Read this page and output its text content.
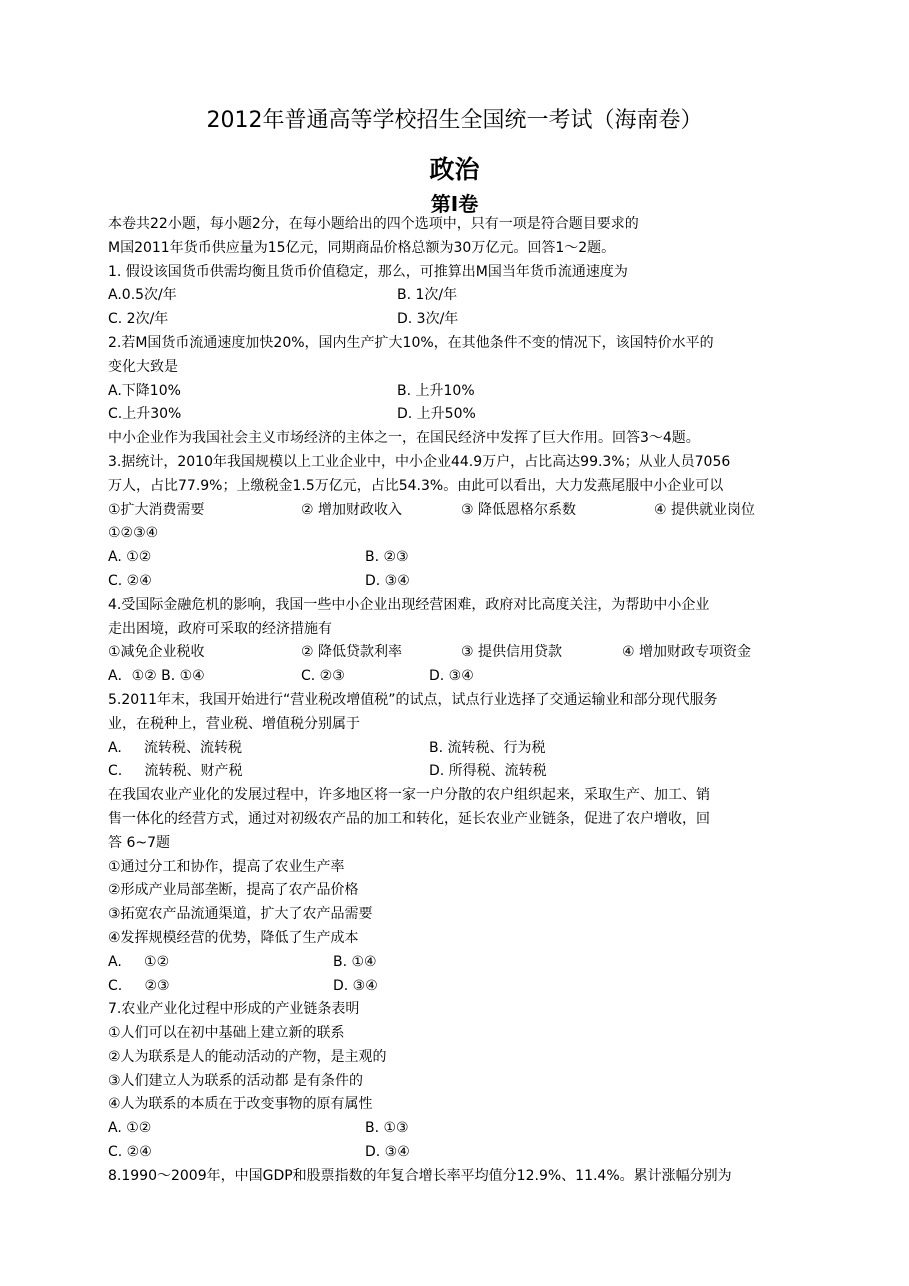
2012年普通高等学校招生全国统一考试（海南卷）
政治
第I卷
本卷共22小题，每小题2分，在每小题给出的四个选项中，只有一项是符合题目要求的
M国2011年货币供应量为15亿元，同期商品价格总额为30万亿元。回答1～2题。
1. 假设该国货币供需均衡且货币价值稳定，那么，可推算出M国当年货币流通速度为
A.0.5次/年	B. 1次/年
C. 2次/年	D. 3次/年
2.若M国货币流通速度加快20%，国内生产扩大10%，在其他条件不变的情况下，该国特价水平的
变化大致是
A.下降10%	B. 上升10%
C.上升30%	D. 上升50%
中小企业作为我国社会主义市场经济的主体之一，在国民经济中发挥了巨大作用。回答3～4题。
3.据统计，2010年我国规模以上工业企业中，中小企业44.9万户，占比高达99.3%；从业人员7056
万人，占比77.9%；上缴税金1.5万亿元，占比54.3%。由此可以看出，大力发燕尾服中小企业可以
①扩大消费需要	② 增加财政收入	③ 降低恩格尔系数	④ 提供就业岗位
①②③④
A. ①②	B. ②③
C. ②④	D. ③④
4.受国际金融危机的影响，我国一些中小企业出现经营困难，政府对比高度关注，为帮助中小企业
走出困境，政府可采取的经济措施有
①减免企业税收	② 降低贷款利率	③ 提供信用贷款	④ 增加财政专项资金
A．①② B. ①④	C. ②③	D. ③④
5.2011年末，我国开始进行“营业税改增值税”的试点，试点行业选择了交通运输业和部分现代服务
业，在税种上，营业税、增值税分别属于
A.     流转税、流转税	B. 流转税、行为税
C.     流转税、财产税	D. 所得税、流转税
在我国农业产业化的发展过程中，许多地区将一家一户分散的农户组织起来，采取生产、加工、销
售一体化的经营方式，通过对初级农产品的加工和转化，延长农业产业链条，促进了农户增收，回
答 6~7题
①通过分工和协作，提高了农业生产率
②形成产业局部垄断，提高了农产品价格
③拓宽农产品流通渠道，扩大了农产品需要
④发挥规模经营的优势，降低了生产成本
A.     ①②	B. ①④
C.     ②③	D. ③④
7.农业产业化过程中形成的产业链条表明
①人们可以在初中基础上建立新的联系
②人为联系是人的能动活动的产物，是主观的
③人们建立人为联系的活动都 是有条件的
④人为联系的本质在于改变事物的原有属性
A. ①②	B. ①③
C. ②④	D. ③④
8.1990～2009年，中国GDP和股票指数的年复合增长率平均值分12.9%、11.4%。累计涨幅分别为
